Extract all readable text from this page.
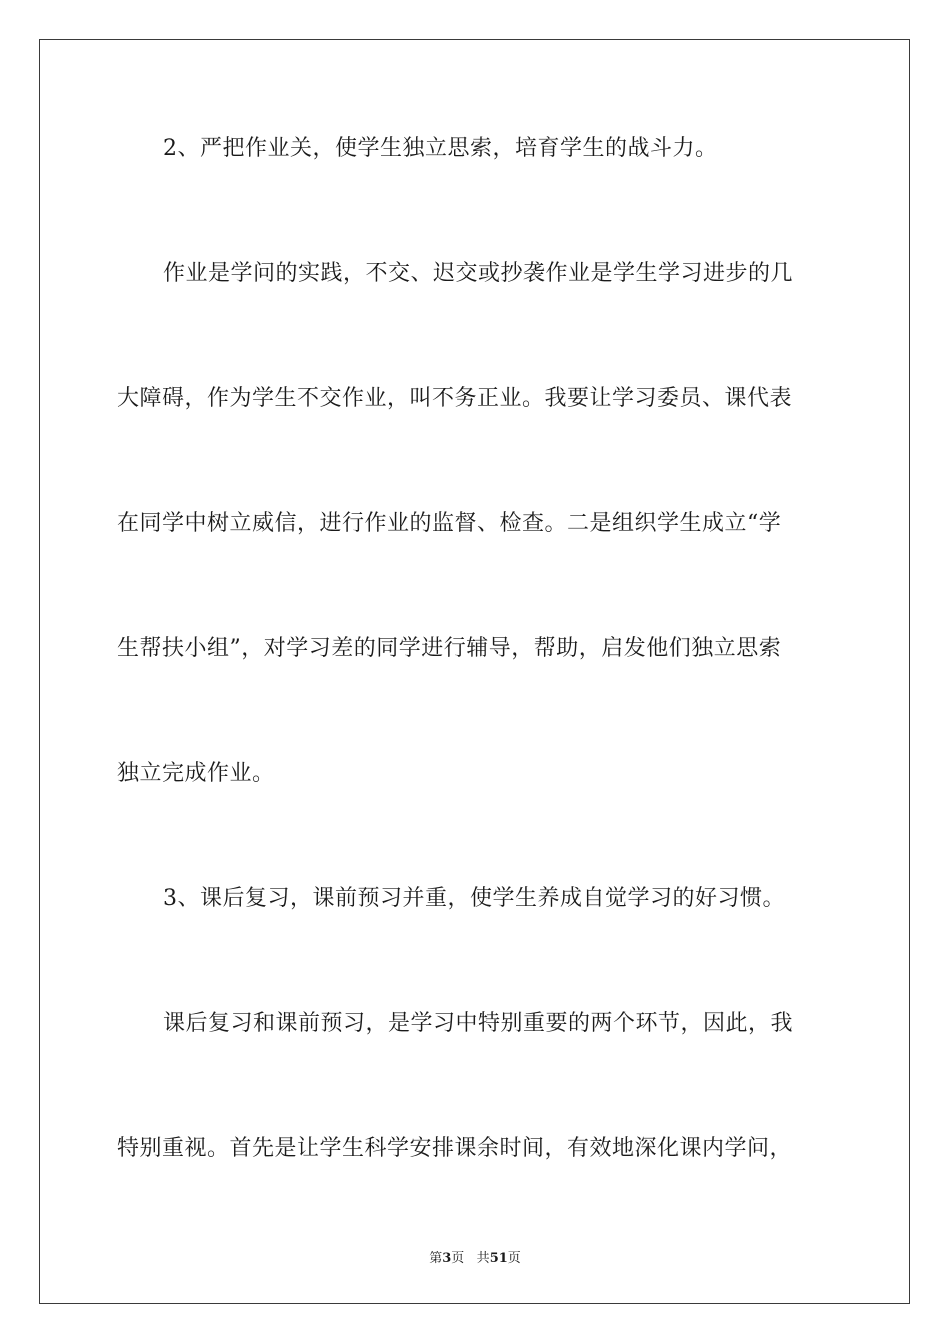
2、严把作业关，使学生独立思索，培育学生的战斗力。

作业是学问的实践，不交、迟交或抄袭作业是学生学习进步的几

大障碍，作为学生不交作业，叫不务正业。我要让学习委员、课代表

在同学中树立威信，进行作业的监督、检查。二是组织学生成立“学

生帮扶小组”，对学习差的同学进行辅导，帮助，启发他们独立思索

独立完成作业。

3、课后复习，课前预习并重，使学生养成自觉学习的好习惯。

课后复习和课前预习，是学习中特别重要的两个环节，因此，我

特别重视。首先是让学生科学安排课余时间，有效地深化课内学问，

第3页 共51页
